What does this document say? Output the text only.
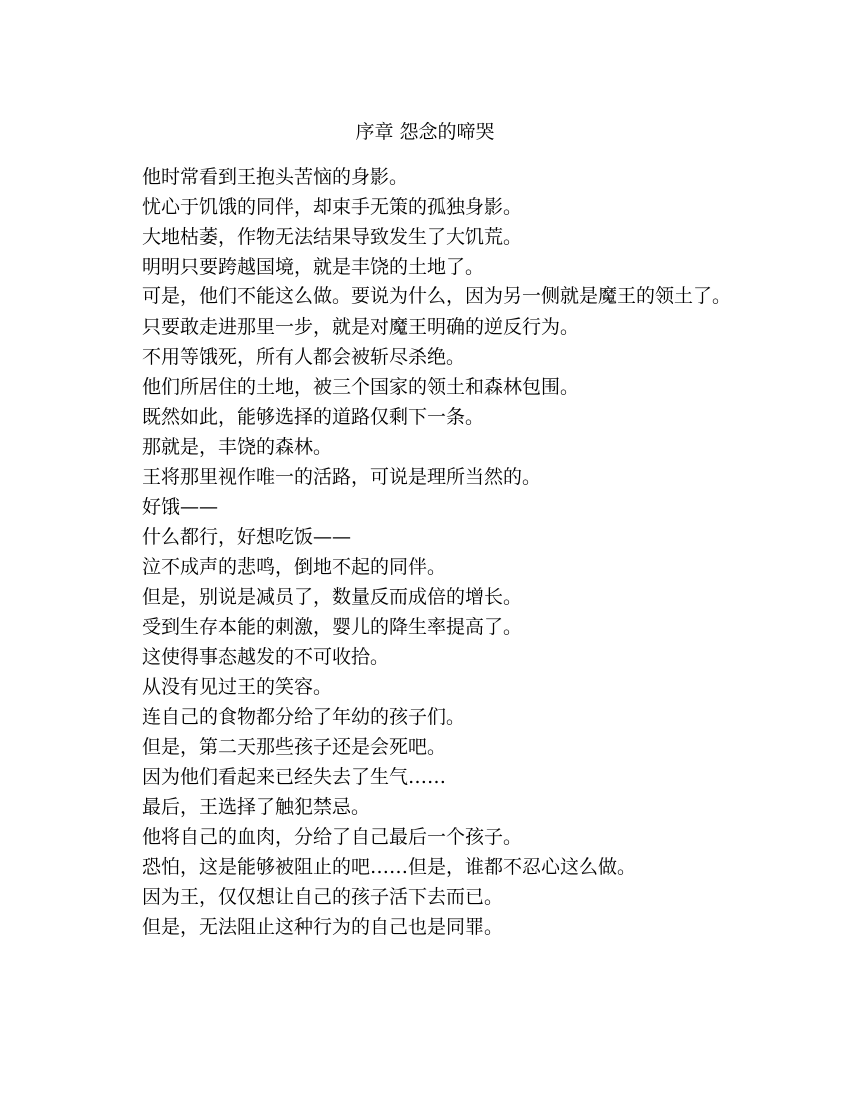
序章 怨念的啼哭

他时常看到王抱头苦恼的身影。

忧心于饥饿的同伴，却束手无策的孤独身影。

大地枯萎，作物无法结果导致发生了大饥荒。

明明只要跨越国境，就是丰饶的土地了。

可是，他们不能这么做。要说为什么，因为另一侧就是魔王的领土了。

只要敢走进那里一步，就是对魔王明确的逆反行为。

不用等饿死，所有人都会被斩尽杀绝。

他们所居住的土地，被三个国家的领土和森林包围。

既然如此，能够选择的道路仅剩下一条。

那就是，丰饶的森林。

王将那里视作唯一的活路，可说是理所当然的。

好饿——

什么都行，好想吃饭——

泣不成声的悲鸣，倒地不起的同伴。

但是，别说是减员了，数量反而成倍的增长。

受到生存本能的刺激，婴儿的降生率提高了。

这使得事态越发的不可收拾。

从没有见过王的笑容。

连自己的食物都分给了年幼的孩子们。

但是，第二天那些孩子还是会死吧。

因为他们看起来已经失去了生气……

最后，王选择了触犯禁忌。

他将自己的血肉，分给了自己最后一个孩子。

恐怕，这是能够被阻止的吧……但是，谁都不忍心这么做。

因为王，仅仅想让自己的孩子活下去而已。

但是，无法阻止这种行为的自己也是同罪。
